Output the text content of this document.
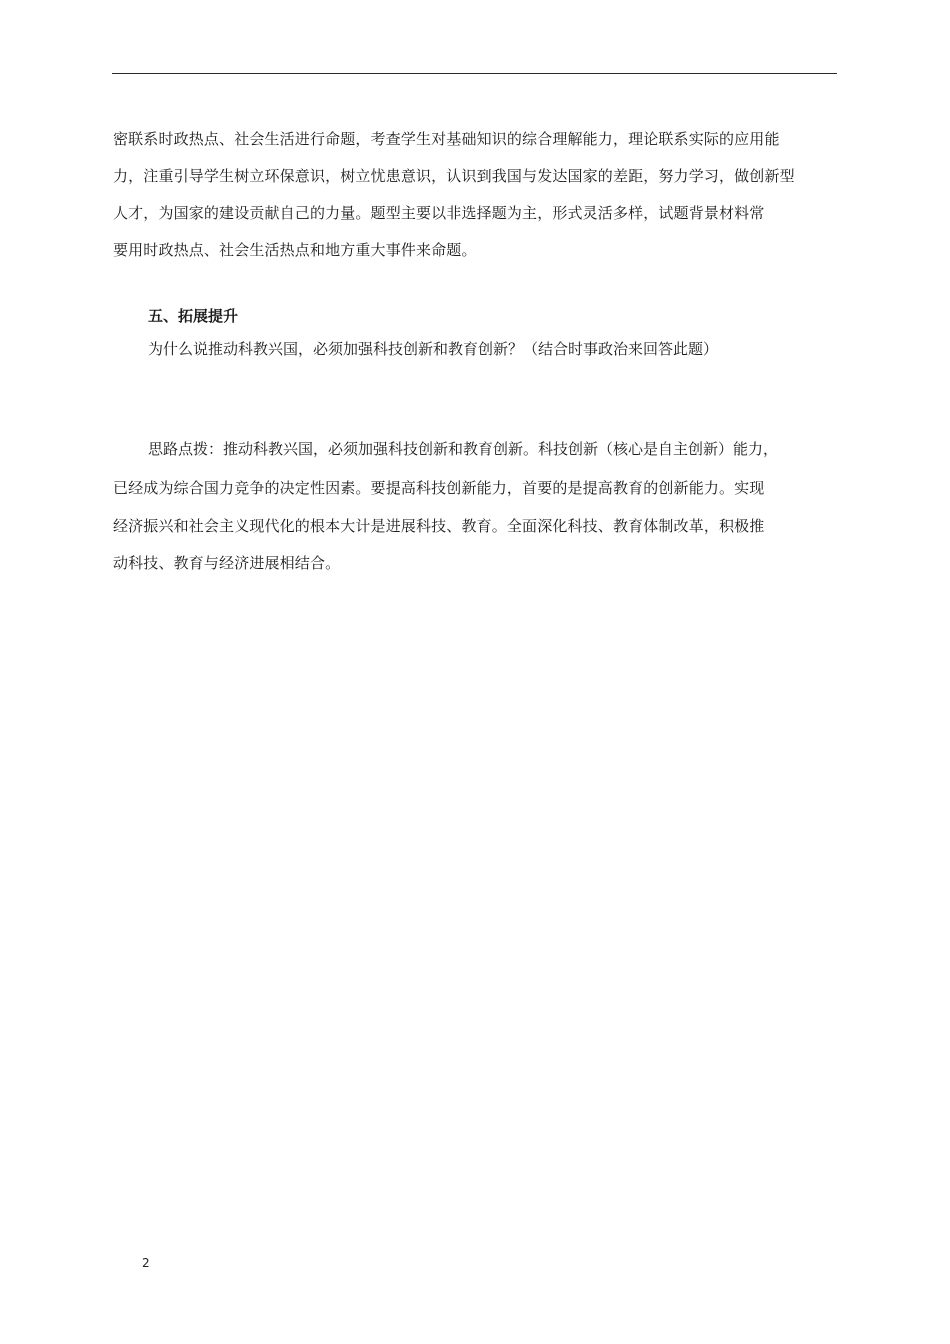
密联系时政热点、社会生活进行命题，考查学生对基础知识的综合理解能力，理论联系实际的应用能
力，注重引导学生树立环保意识，树立忧患意识，认识到我国与发达国家的差距，努力学习，做创新型
人才，为国家的建设贡献自己的力量。题型主要以非选择题为主，形式灵活多样，试题背景材料常
要用时政热点、社会生活热点和地方重大事件来命题。
五、拓展提升
为什么说推动科教兴国，必须加强科技创新和教育创新？（结合时事政治来回答此题）
思路点拨：推动科教兴国，必须加强科技创新和教育创新。科技创新（核心是自主创新）能力，
已经成为综合国力竞争的决定性因素。要提高科技创新能力，首要的是提高教育的创新能力。实现
经济振兴和社会主义现代化的根本大计是进展科技、教育。全面深化科技、教育体制改革，积极推
动科技、教育与经济进展相结合。
2
